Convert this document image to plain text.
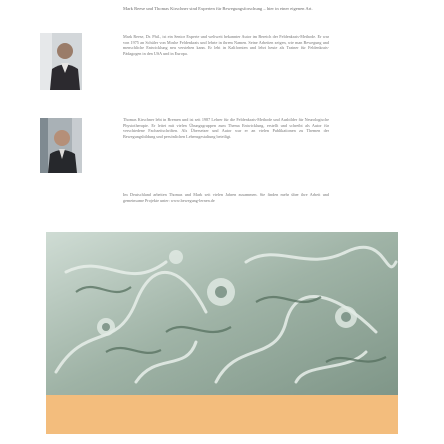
Mark Reese und Thomas Kirschner sind Experten für Bewegungsforschung – hier in einer eigenen Art.

Mark Reese, Dr. Phil., ist ein Senior Experte und weltweit bekannter Autor im Bereich der Feldenkrais-Methode. Er war von 1975 an Schüler von Moshe Feldenkrais und lehrte in ihrem Namen. Seine Arbeiten zeigen, wie man Bewegung und menschliche Entwicklung neu verstehen kann. Er lebt in Kalifornien und lehrt heute als Trainer für Feldenkrais-Pädagogen in den USA und in Europa.

Thomas Kirschner lebt in Bremen und ist seit 1987 Lehrer für die Feldenkrais-Methode und Ausbilder für Neurologische Physiotherapie. Er leitet mit vielen Übungsgruppen zum Thema Entwicklung, erstellt und schreibt als Autor für verschiedene Fachzeitschriften. Als Übersetzer und Autor war er an vielen Publikationen zu Themen der Bewegungsbildung und persönlichen Lebensgestaltung beteiligt.

Im Deutschland arbeiten Thomas und Mark seit vielen Jahren zusammen. Sie finden mehr über ihre Arbeit und gemeinsame Projekte unter: www.bewegung-lernen.de
